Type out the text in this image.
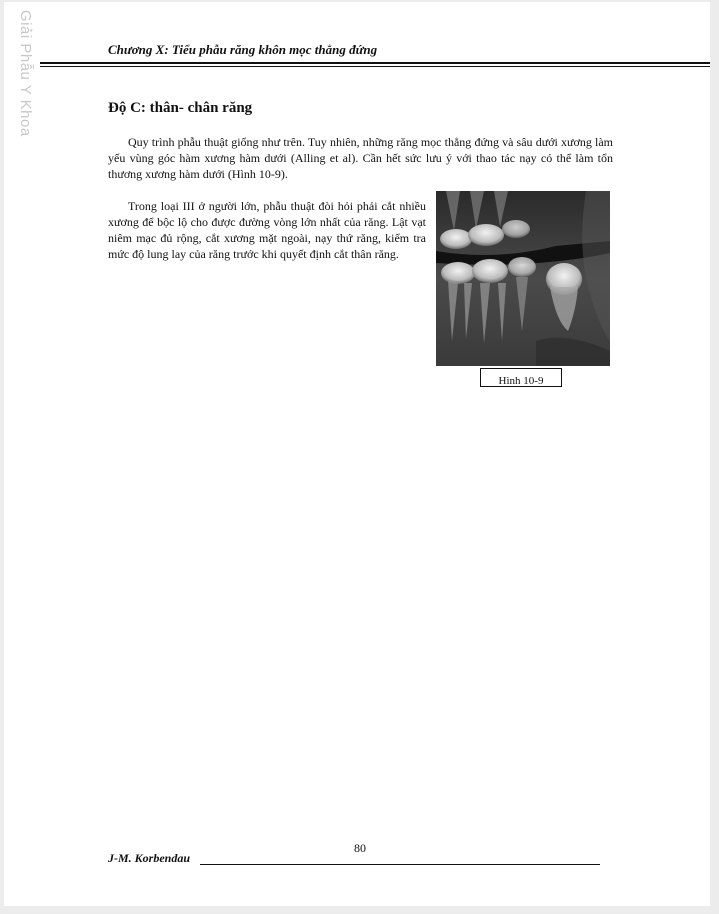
Giải Phẫu Y Khoa	Chương X: Tiểu phẫu răng khôn mọc thẳng đứng
Độ C: thân- chân răng

Quy trình phẫu thuật giống như trên. Tuy nhiên, những răng mọc thẳng đứng và sâu dưới xương làm yếu vùng góc hàm xương hàm dưới (Alling et al). Cần hết sức lưu ý với thao tác nạy có thể làm tổn thương xương hàm dưới (Hình 10-9).

Trong loại III ở người lớn, phẫu thuật đòi hỏi phải cắt nhiều xương để bộc lộ cho được đường vòng lớn nhất của răng. Lật vạt niêm mạc đủ rộng, cắt xương mặt ngoài, nạy thứ răng, kiểm tra mức độ lung lay của răng trước khi quyết định cắt thân răng.

Hình 10-9
80
J-M. Korbendau
